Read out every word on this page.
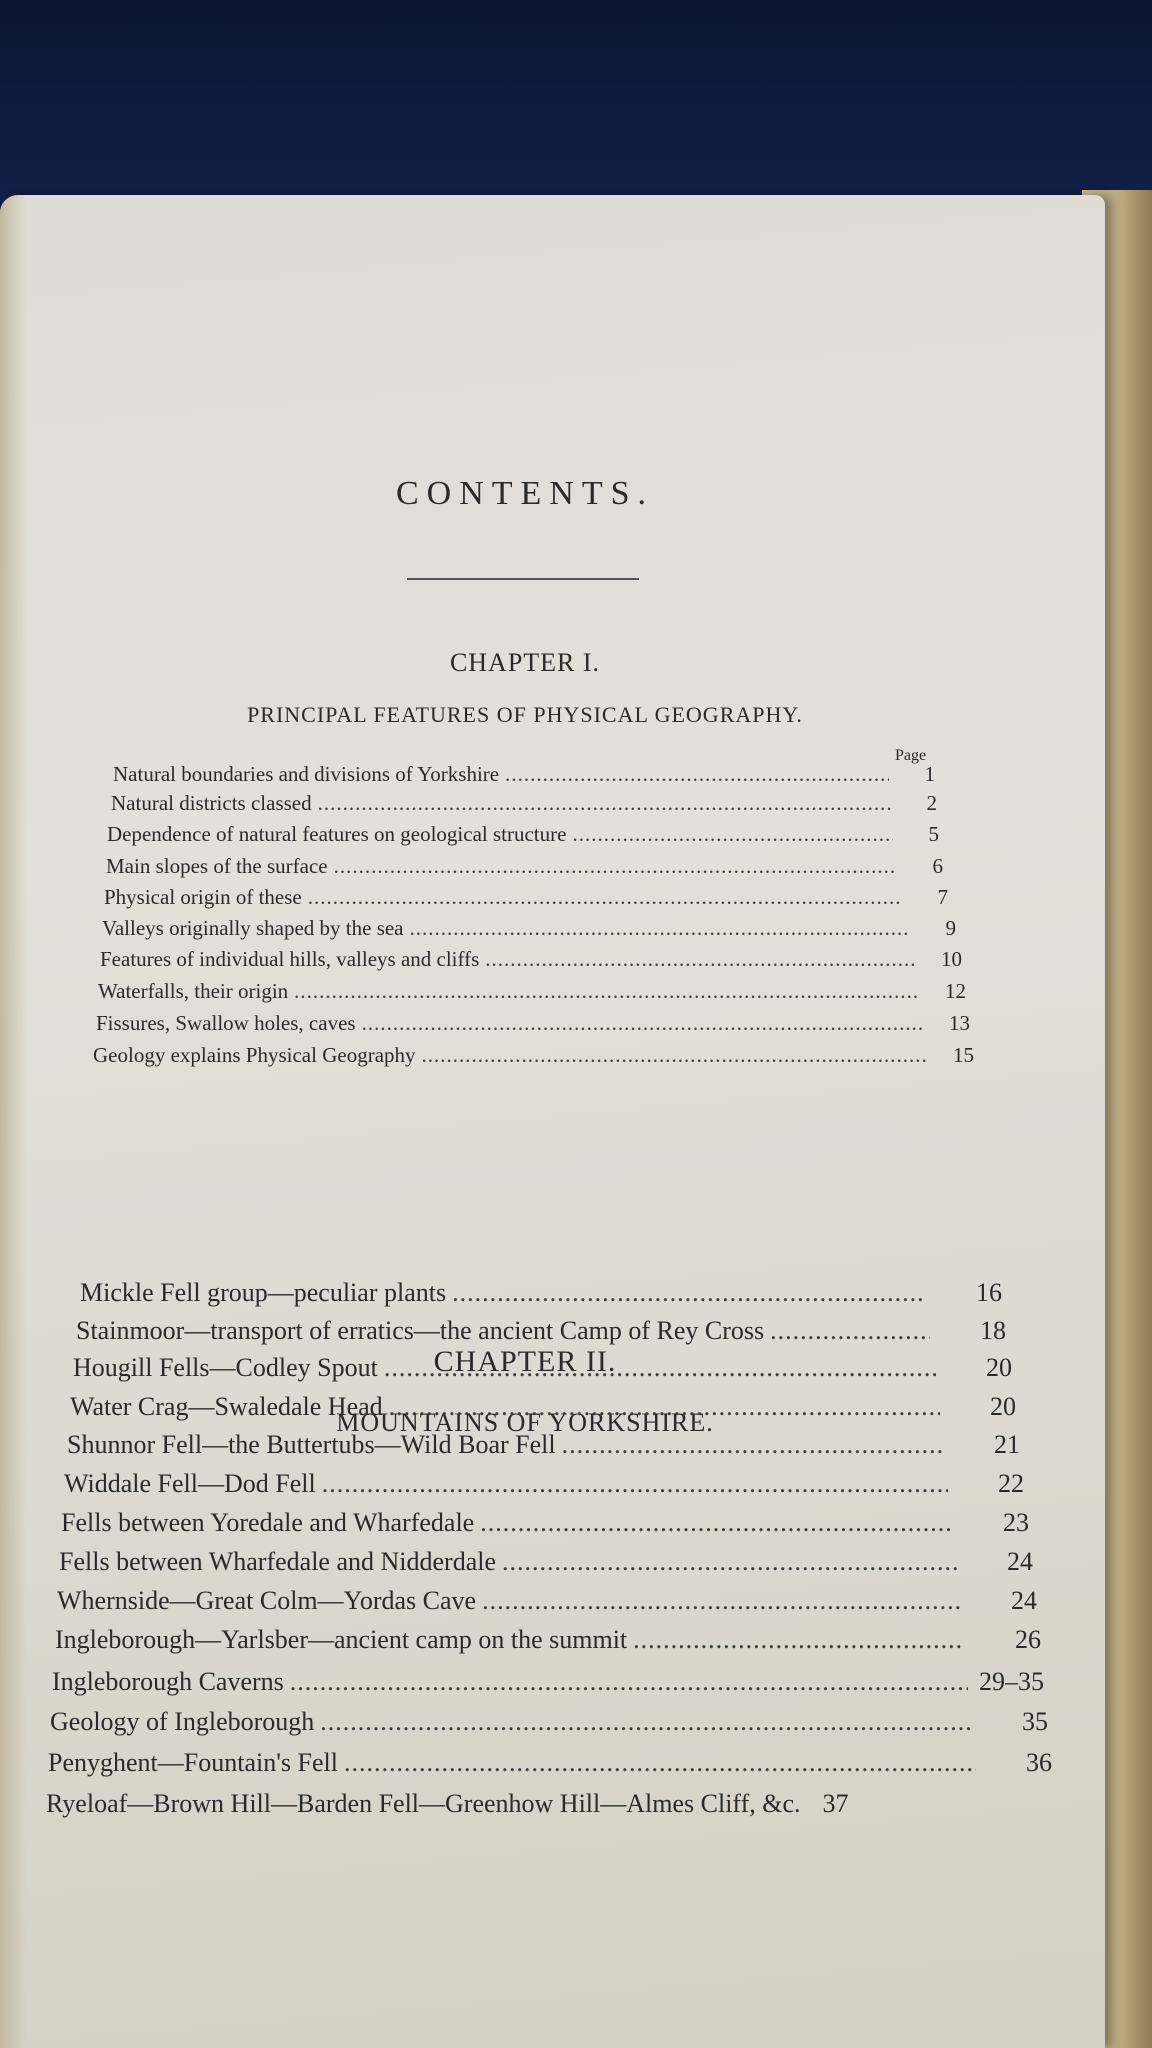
CONTENTS.
CHAPTER I.
PRINCIPAL FEATURES OF PHYSICAL GEOGRAPHY.
Page
Natural boundaries and divisions of Yorkshire .....	1
Natural districts classed .....	2
Dependence of natural features on geological structure .....	5
Main slopes of the surface .....	6
Physical origin of these .....	7
Valleys originally shaped by the sea .....	9
Features of individual hills, valleys and cliffs .....	10
Waterfalls, their origin .....	12
Fissures, Swallow holes, caves .....	13
Geology explains Physical Geography .....	15
CHAPTER II.
MOUNTAINS OF YORKSHIRE.
Mickle Fell group—peculiar plants .....	16
Stainmoor—transport of erratics—the ancient Camp of Rey Cross .....	18
Hougill Fells—Codley Spout .....	20
Water Crag—Swaledale Head .....	20
Shunnor Fell—the Buttertubs—Wild Boar Fell .....	21
Widdale Fell—Dod Fell .....	22
Fells between Yoredale and Wharfedale .....	23
Fells between Wharfedale and Nidderdale .....	24
Whernside—Great Colm—Yordas Cave .....	24
Ingleborough—Yarlsber—ancient camp on the summit .....	26
Ingleborough Caverns .....	29–35
Geology of Ingleborough .....	35
Penyghent—Fountain's Fell .....	36
Ryeloaf—Brown Hill—Barden Fell—Greenhow Hill—Almes Cliff, &c. 37
